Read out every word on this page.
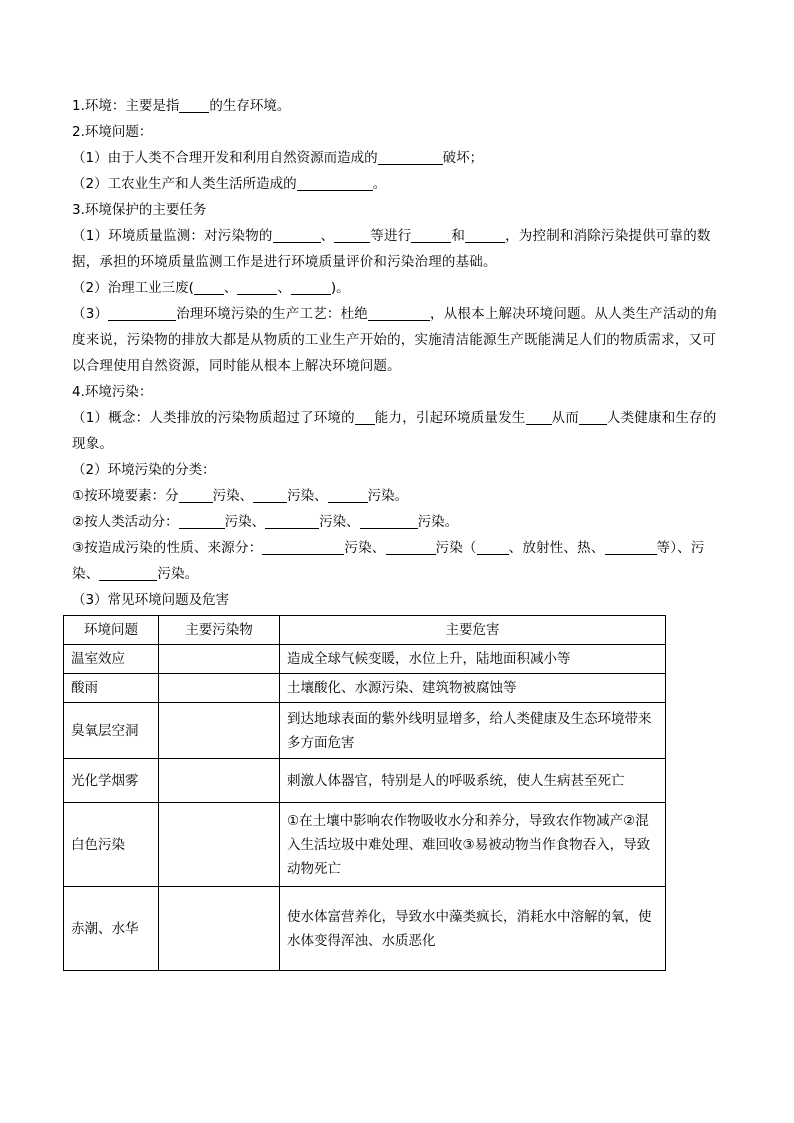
1.环境：主要是指 的生存环境。
2.环境问题：
（1）由于人类不合理开发和利用自然资源而造成的	破坏；
（2）工农业生产和人类生活所造成的	。
3.环境保护的主要任务
（1）环境质量监测：对污染物的	、	等进行	和	，为控制和消除污染提供可靠的数据，承担的环境质量监测工作是进行环境质量评价和污染治理的基础。
（2）治理工业三废( 、	、	)。
（3）	治理环境污染的生产工艺：杜绝	，从根本上解决环境问题。从人类生产活动的角度来说，污染物的排放大都是从物质的工业生产开始的，实施清洁能源生产既能满足人们的物质需求，又可以合理使用自然资源，同时能从根本上解决环境问题。
4.环境污染：
（1）概念：人类排放的污染物质超过了环境的 能力，引起环境质量发生 从而 人类健康和生存的现象。
（2）环境污染的分类：
①按环境要素：分	污染、	污染、	污染。
②按人类活动分：	污染、	污染、	污染。
③按造成污染的性质、来源分：	污染、	污染（ 、放射性、热、	等）、污染、	污染。
（3）常见环境问题及危害
环境问题	主要污染物	主要危害
温室效应		造成全球气候变暖，水位上升，陆地面积减小等
酸雨		土壤酸化、水源污染、建筑物被腐蚀等
臭氧层空洞		到达地球表面的紫外线明显增多，给人类健康及生态环境带来多方面危害
光化学烟雾		刺激人体器官，特别是人的呼吸系统，使人生病甚至死亡
白色污染		①在土壤中影响农作物吸收水分和养分，导致农作物减产②混入生活垃圾中难处理、难回收③易被动物当作食物吞入，导致动物死亡
赤潮、水华		使水体富营养化，导致水中藻类疯长，消耗水中溶解的氧，使水体变得浑浊、水质恶化
